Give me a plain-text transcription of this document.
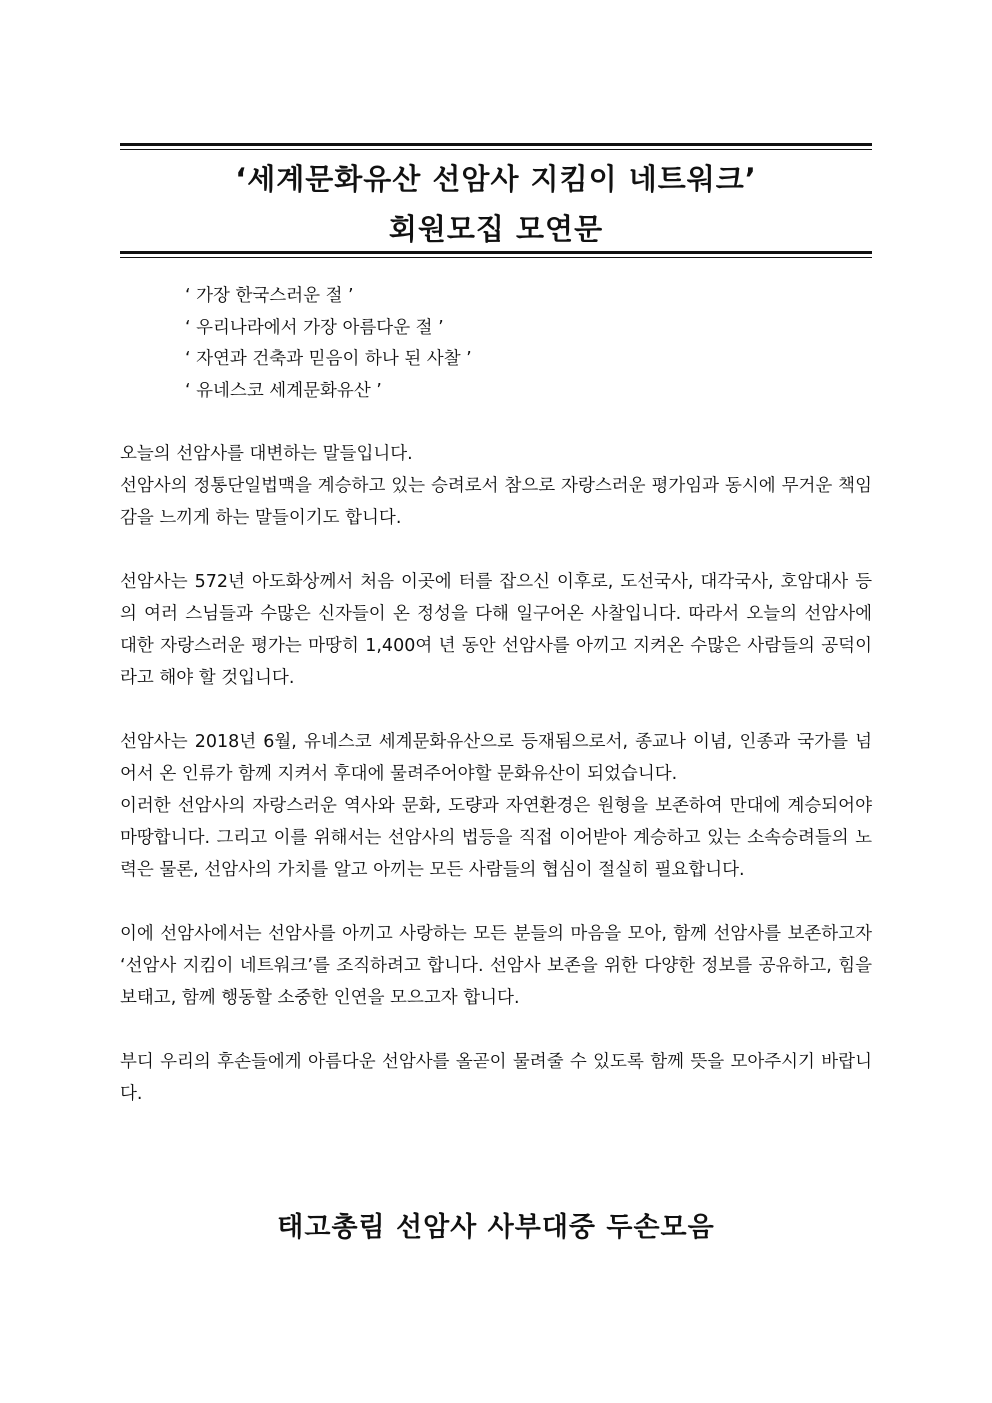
‘세계문화유산 선암사 지킴이 네트워크’
회원모집 모연문
‘ 가장 한국스러운 절 ’
‘ 우리나라에서 가장 아름다운 절 ’
‘ 자연과 건축과 믿음이 하나 된 사찰 ’
‘ 유네스코 세계문화유산 ’
오늘의 선암사를 대변하는 말들입니다.
선암사의 정통단일법맥을 계승하고 있는 승려로서 참으로 자랑스러운 평가임과 동시에 무거운 책임감을 느끼게 하는 말들이기도 합니다.
선암사는 572년 아도화상께서 처음 이곳에 터를 잡으신 이후로, 도선국사, 대각국사, 호암대사 등의 여러 스님들과 수많은 신자들이 온 정성을 다해 일구어온 사찰입니다. 따라서 오늘의 선암사에 대한 자랑스러운 평가는 마땅히 1,400여 년 동안 선암사를 아끼고 지켜온 수많은 사람들의 공덕이라고 해야 할 것입니다.
선암사는 2018년 6월, 유네스코 세계문화유산으로 등재됨으로서, 종교나 이념, 인종과 국가를 넘어서 온 인류가 함께 지켜서 후대에 물려주어야할 문화유산이 되었습니다.
이러한 선암사의 자랑스러운 역사와 문화, 도량과 자연환경은 원형을 보존하여 만대에 계승되어야 마땅합니다. 그리고 이를 위해서는 선암사의 법등을 직접 이어받아 계승하고 있는 소속승려들의 노력은 물론, 선암사의 가치를 알고 아끼는 모든 사람들의 협심이 절실히 필요합니다.
이에 선암사에서는 선암사를 아끼고 사랑하는 모든 분들의 마음을 모아, 함께 선암사를 보존하고자 ‘선암사 지킴이 네트워크’를 조직하려고 합니다. 선암사 보존을 위한 다양한 정보를 공유하고, 힘을 보태고, 함께 행동할 소중한 인연을 모으고자 합니다.
부디 우리의 후손들에게 아름다운 선암사를 올곧이 물려줄 수 있도록 함께 뜻을 모아주시기 바랍니다.
태고총림 선암사 사부대중 두손모음
